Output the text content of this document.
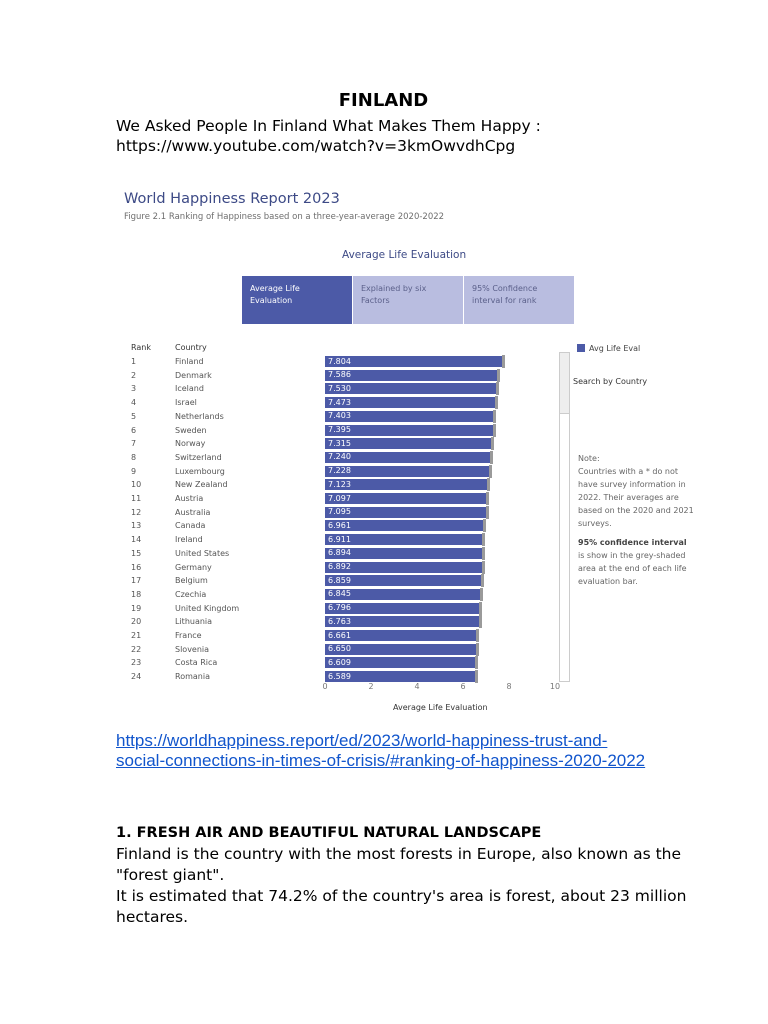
FINLAND
We Asked People In Finland What Makes Them Happy :
https://www.youtube.com/watch?v=3kmOwvdhCpg
World Happiness Report 2023
Figure 2.1 Ranking of Happiness based on a three-year-average 2020-2022
Average Life Evaluation
Average Life Evaluation
Explained by six Factors
95% Confidence interval for rank
Rank	Country
1	Finland	7.804
2	Denmark	7.586
3	Iceland	7.530
4	Israel	7.473
5	Netherlands	7.403
6	Sweden	7.395
7	Norway	7.315
8	Switzerland	7.240
9	Luxembourg	7.228
10	New Zealand	7.123
11	Austria	7.097
12	Australia	7.095
13	Canada	6.961
14	Ireland	6.911
15	United States	6.894
16	Germany	6.892
17	Belgium	6.859
18	Czechia	6.845
19	United Kingdom	6.796
20	Lithuania	6.763
21	France	6.661
22	Slovenia	6.650
23	Costa Rica	6.609
24	Romania	6.589
0	2	4	6	8	10
Average Life Evaluation
Avg Life Eval
Search by Country
Note:
Countries with a * do not have survey information in 2022. Their averages are based on the 2020 and 2021 surveys.
95% confidence interval
is show in the grey-shaded area at the end of each life evaluation bar.
https://worldhappiness.report/ed/2023/world-happiness-trust-and-social-connections-in-times-of-crisis/#ranking-of-happiness-2020-2022
1. FRESH AIR AND BEAUTIFUL NATURAL LANDSCAPE
Finland is the country with the most forests in Europe, also known as the
"forest giant".
It is estimated that 74.2% of the country's area is forest, about 23 million
hectares.
